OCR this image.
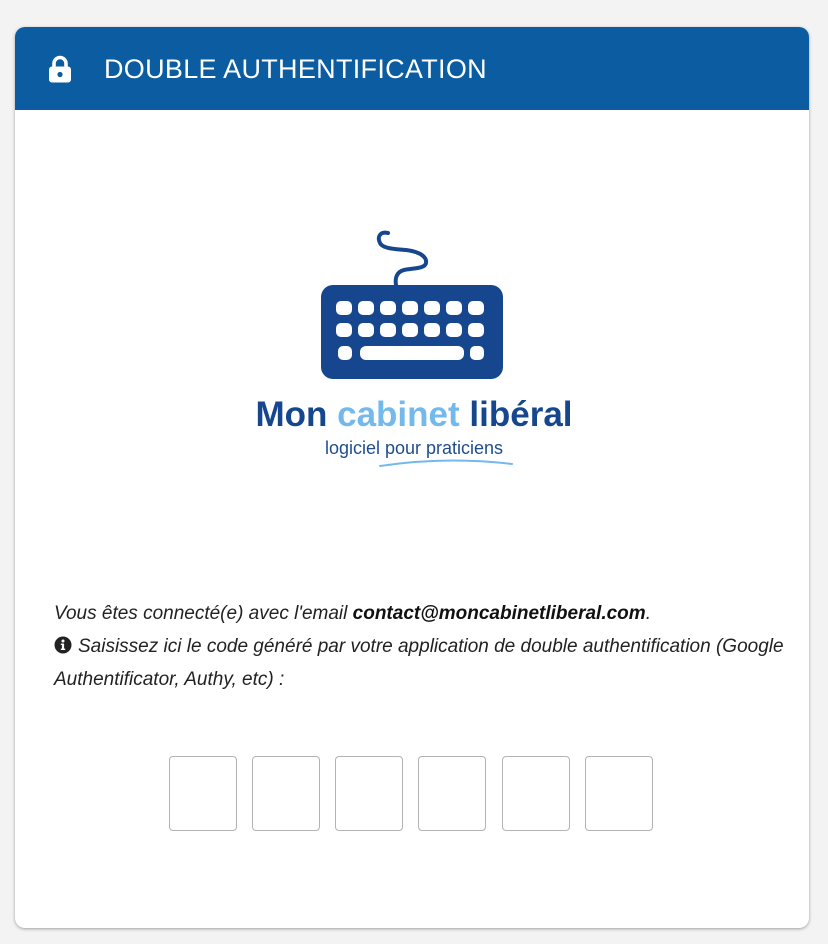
DOUBLE AUTHENTIFICATION
Mon cabinet libéral
logiciel pour praticiens
Vous êtes connecté(e) avec l'email contact@moncabinetliberal.com.
Saisissez ici le code généré par votre application de double authentification (Google Authentificator, Authy, etc) :
